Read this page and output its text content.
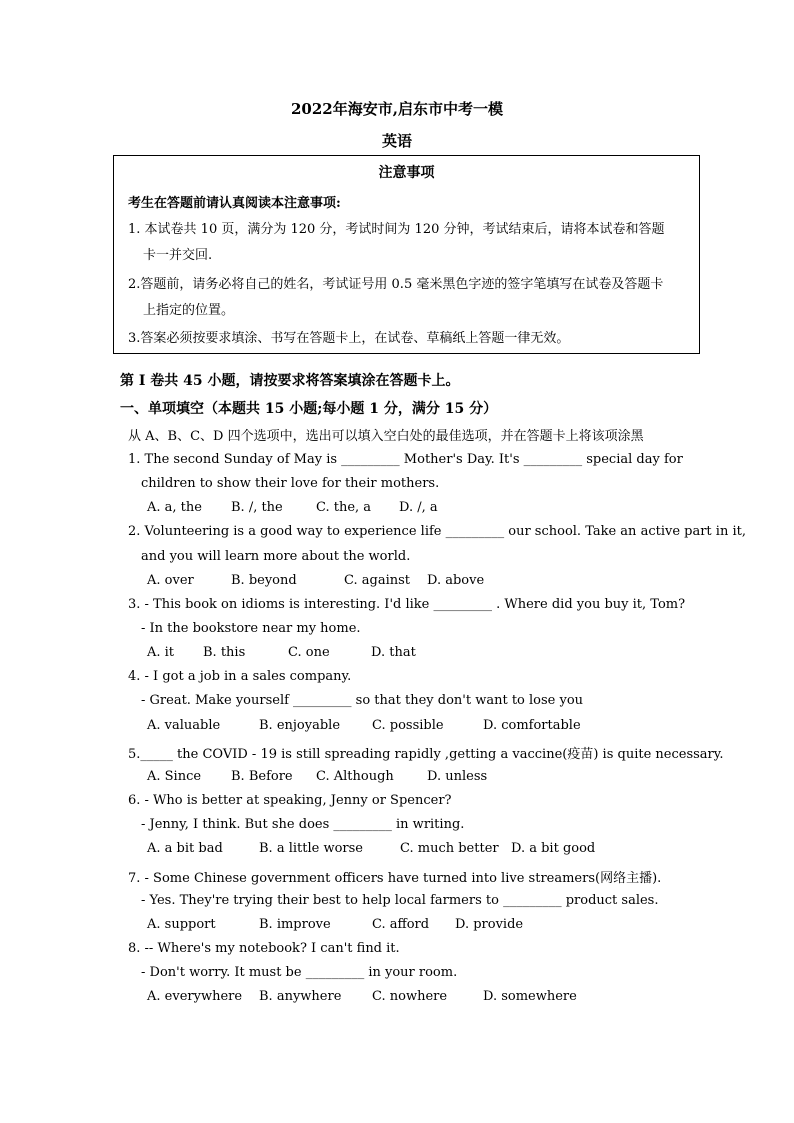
2022年海安市,启东市中考一模
英语
注意事项
考生在答题前请认真阅读本注意事项:
1. 本试卷共 10 页，满分为 120 分，考试时间为 120 分钟，考试结束后，请将本试卷和答题
卡一并交回.
2.答题前，请务必将自己的姓名，考试证号用 0.5 毫米黑色字迹的签字笔填写在试卷及答题卡
上指定的位置。
3.答案必须按要求填涂、书写在答题卡上，在试卷、草稿纸上答题一律无效。
第 I 卷共 45 小题，请按要求将答案填涂在答题卡上。
一、单项填空（本题共 15 小题;每小题 1 分，满分 15 分）
从 A、B、C、D 四个选项中，选出可以填入空白处的最佳选项，并在答题卡上将该项涂黑
1. The second Sunday of May is _________ Mother's Day. It's _________ special day for
children to show their love for their mothers.
A. a, the B. /, the	C. the, a D. /, a
2. Volunteering is a good way to experience life _________ our school. Take an active part in it,
and you will learn more about the world.
A. over	B. beyond	C. against D. above
3. - This book on idioms is interesting. I'd like _________ . Where did you buy it, Tom?
- In the bookstore near my home.
A. it B. this	C. one	D. that
4. - I got a job in a sales company.
- Great. Make yourself _________ so that they don't want to lose you
A. valuable	B. enjoyable C. possible	D. comfortable
5._____ the COVID - 19 is still spreading rapidly ,getting a vaccine(疫苗) is quite necessary.
A. Since B. Before C. Although	D. unless
6. - Who is better at speaking, Jenny or Spencer?
- Jenny, I think. But she does _________ in writing.
A. a bit bad	B. a little worse	C. much better D. a bit good
7. - Some Chinese government officers have turned into live streamers(网络主播).
- Yes. They're trying their best to help local farmers to _________ product sales.
A. support	B. improve	C. afford D. provide
8. -- Where's my notebook? I can't find it.
- Don't worry. It must be _________ in your room.
A. everywhere B. anywhere C. nowhere	D. somewhere
